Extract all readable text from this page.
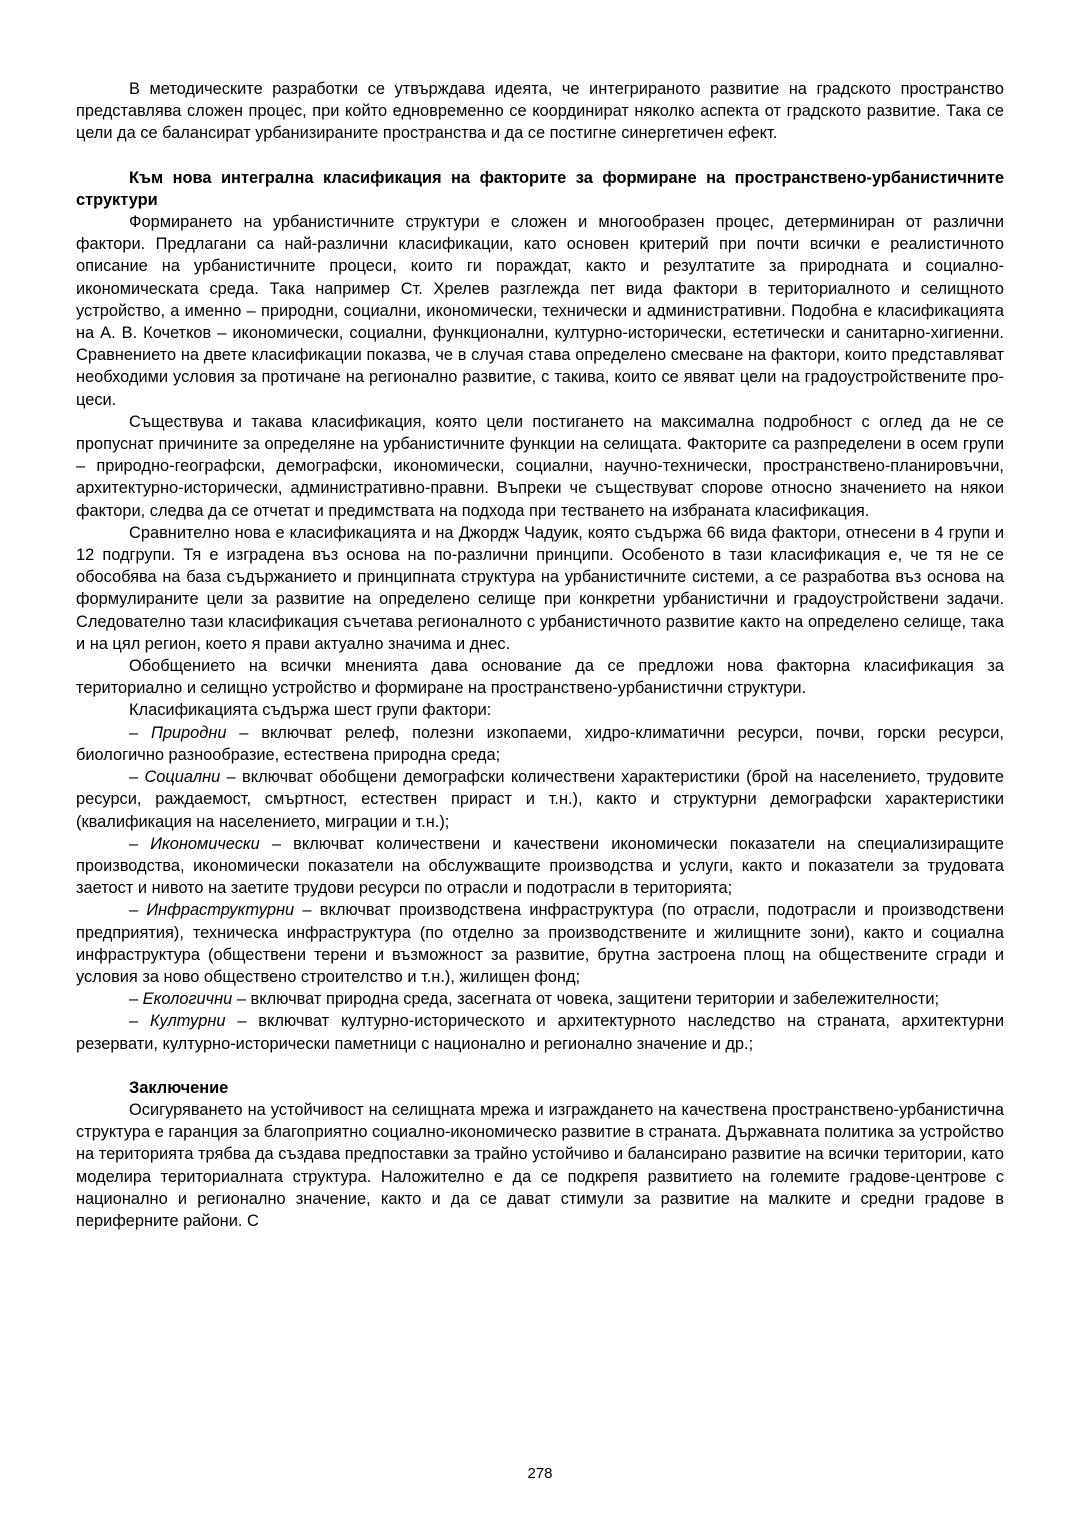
В методическите разработки се утвърждава идеята, че интегрираното развитие на градското пространство представлява сложен процес, при който едновременно се координират няколко аспекта от градското развитие. Така се цели да се балансират урбанизираните пространства и да се постигне синергетичен ефект.

Към нова интегрална класификация на факторите за формиране на пространствено-урбанистичните структури

Формирането на урбанистичните структури е сложен и многообразен процес, детерминиран от различни фактори. Предлагани са най-различни класификации, като основен критерий при почти всички е реалистичното описание на урбанистичните процеси, които ги пораждат, както и резултатите за природната и социално-икономическата среда. Така например Ст. Хрелев разглежда пет вида фактори в териториалното и селищното устройство, а именно – природни, социални, икономически, технически и административни. Подобна е класификацията на А. В. Кочетков – икономически, социални, функционални, културно-исторически, естетически и санитарно-хигиенни. Сравнението на двете класификации показва, че в случая става определено смесване на фактори, които представляват необходими условия за протичане на регионално развитие, с такива, които се явяват цели на градоустройствените процеси.

Съществува и такава класификация, която цели постигането на максимална подробност с оглед да не се пропуснат причините за определяне на урбанистичните функции на селищата. Факторите са разпределени в осем групи – природно-географски, демографски, икономически, социални, научно-технически, пространствено-планировъчни, архитектурно-исторически, административно-правни. Въпреки че съществуват спорове относно значението на някои фактори, следва да се отчетат и предимствата на подхода при тестването на избраната класификация.

Сравнително нова е класификацията и на Джордж Чадуик, която съдържа 66 вида фактори, отнесени в 4 групи и 12 подгрупи. Тя е изградена въз основа на по-различни принципи. Особеното в тази класификация е, че тя не се обособява на база съдържанието и принципната структура на урбанистичните системи, а се разработва въз основа на формулираните цели за развитие на определено селище при конкретни урбанистични и градоустройствени задачи. Следователно тази класификация съчетава регионалното с урбанистичното развитие както на определено селище, така и на цял регион, което я прави актуално значима и днес.

Обобщението на всички мненията дава основание да се предложи нова факторна класификация за териториално и селищно устройство и формиране на пространствено-урбанистични структури.

Класификацията съдържа шест групи фактори:

– Природни – включват релеф, полезни изкопаеми, хидро-климатични ресурси, почви, горски ресурси, биологично разнообразие, естествена природна среда;

– Социални – включват обобщени демографски количествени характеристики (брой на населението, трудовите ресурси, раждаемост, смъртност, естествен прираст и т.н.), както и структурни демографски характеристики (квалификация на населението, миграции и т.н.);

– Икономически – включват количествени и качествени икономически показатели на специализиращите производства, икономически показатели на обслужващите производства и услуги, както и показатели за трудовата заетост и нивото на заетите трудови ресурси по отрасли и подотрасли в територията;

– Инфраструктурни – включват производствена инфраструктура (по отрасли, подотрасли и производствени предприятия), техническа инфраструктура (по отделно за производствените и жилищните зони), както и социална инфраструктура (обществени терени и възможност за развитие, брутна застроена площ на обществените сгради и условия за ново обществено строителство и т.н.), жилищен фонд;

– Екологични – включват природна среда, засегната от човека, защитени територии и забележителности;

– Културни – включват културно-историческото и архитектурното наследство на страната, архитектурни резервати, културно-исторически паметници с национално и регионално значение и др.;

Заключение

Осигуряването на устойчивост на селищната мрежа и изграждането на качествена пространствено-урбанистична структура е гаранция за благоприятно социално-икономическо развитие в страната. Държавната политика за устройство на територията трябва да създава предпоставки за трайно устойчиво и балансирано развитие на всички територии, като моделира териториалната структура. Наложително е да се подкрепя развитието на големите градове-центрове с национално и регионално значение, както и да се дават стимули за развитие на малките и средни градове в периферните райони. С

278
